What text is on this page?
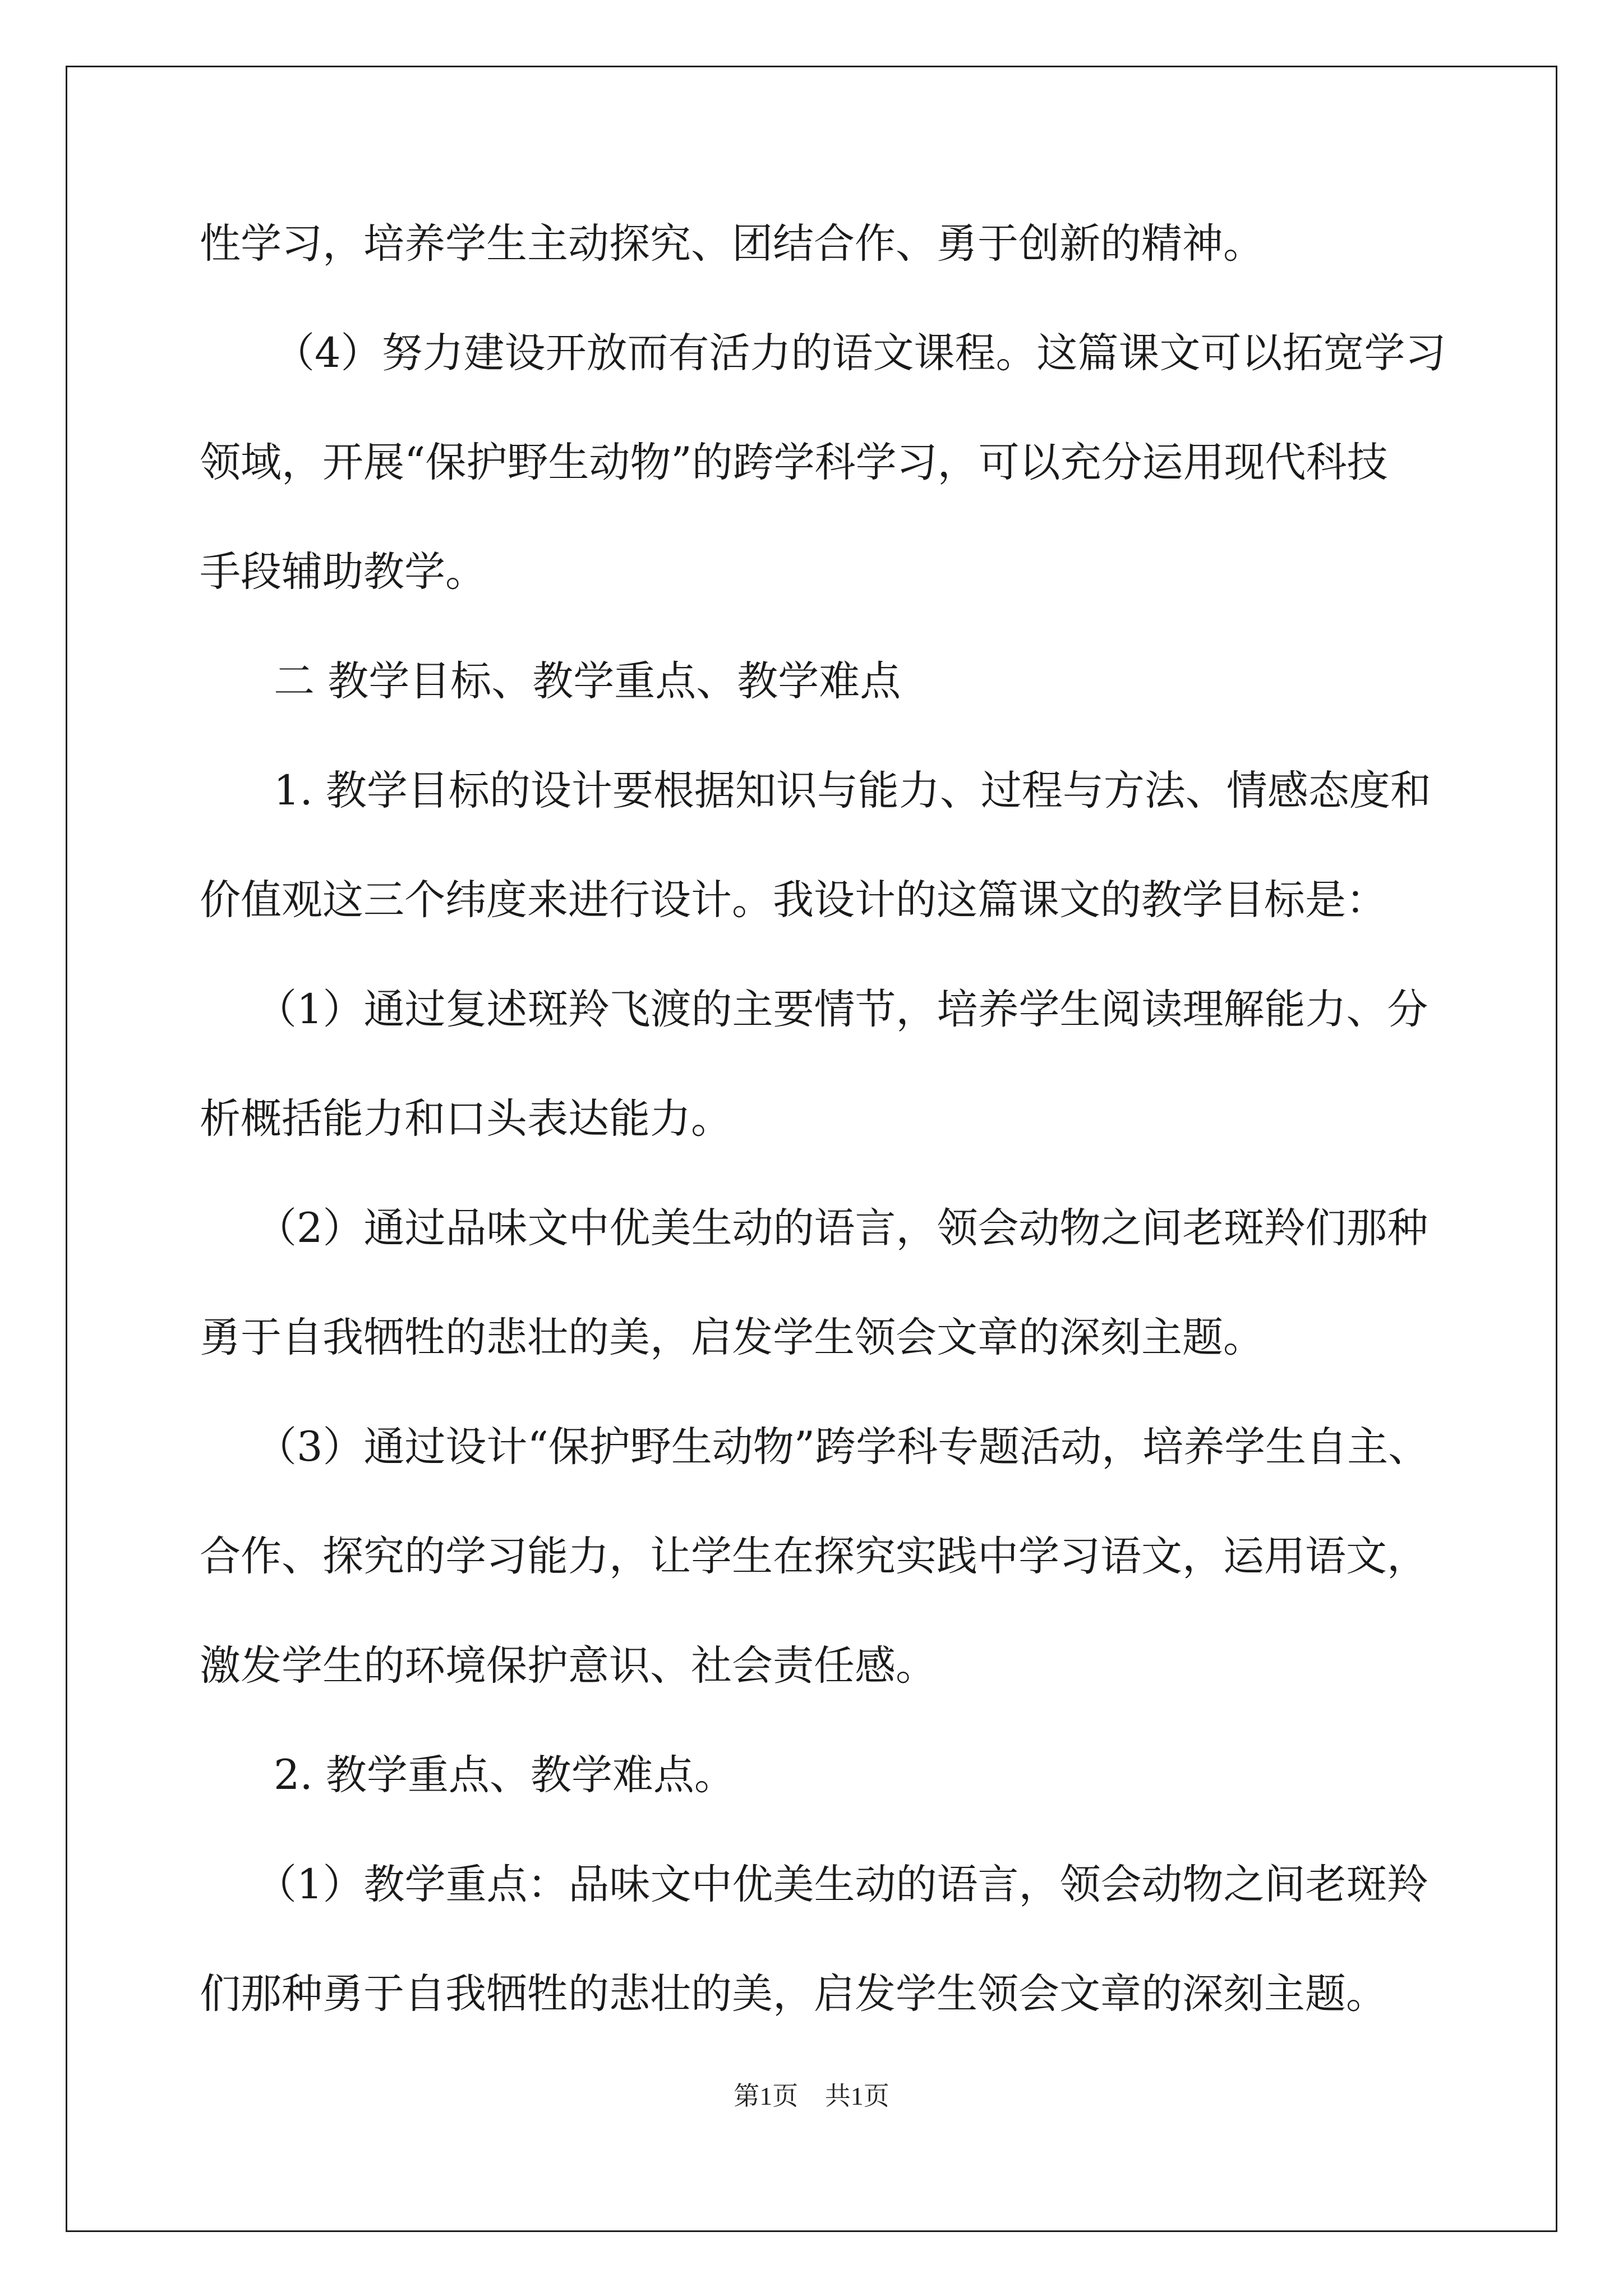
性学习，培养学生主动探究、团结合作、勇于创新的精神。
（4）努力建设开放而有活力的语文课程。这篇课文可以拓宽学习
领域，开展“保护野生动物”的跨学科学习，可以充分运用现代科技
手段辅助教学。
二 教学目标、教学重点、教学难点
1. 教学目标的设计要根据知识与能力、过程与方法、情感态度和
价值观这三个纬度来进行设计。我设计的这篇课文的教学目标是：
（1）通过复述斑羚飞渡的主要情节，培养学生阅读理解能力、分
析概括能力和口头表达能力。
（2）通过品味文中优美生动的语言，领会动物之间老斑羚们那种
勇于自我牺牲的悲壮的美，启发学生领会文章的深刻主题。
（3）通过设计“保护野生动物”跨学科专题活动，培养学生自主、
合作、探究的学习能力，让学生在探究实践中学习语文，运用语文，
激发学生的环境保护意识、社会责任感。
2. 教学重点、教学难点。
（1）教学重点：品味文中优美生动的语言，领会动物之间老斑羚
们那种勇于自我牺牲的悲壮的美，启发学生领会文章的深刻主题。
第1页 共1页
